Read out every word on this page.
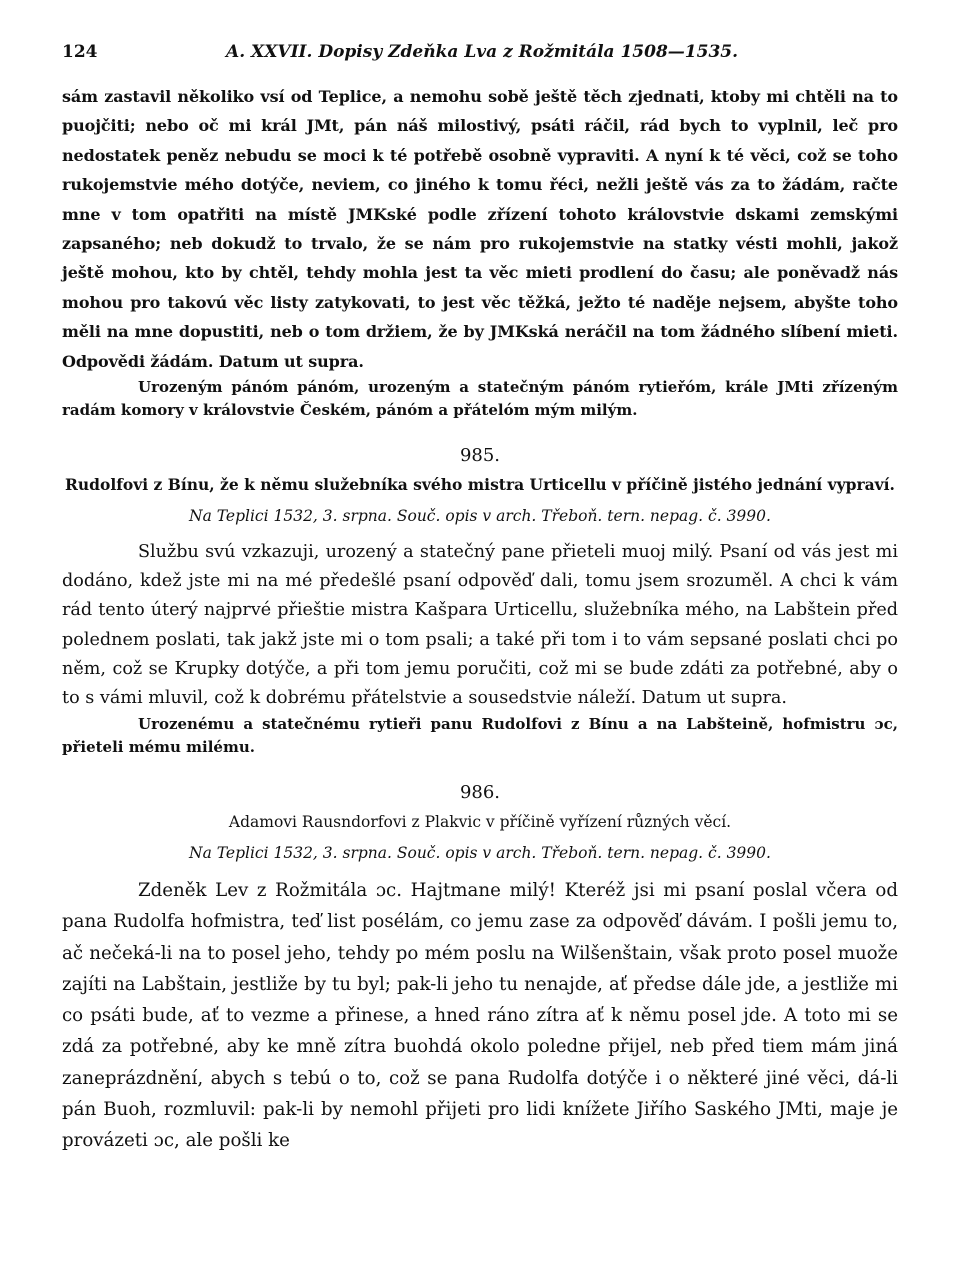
124	A. XXVII. Dopisy Zdeňka Lva z Rožmitála 1508—1535.

sám zastavil několiko vsí od Teplice, a nemohu sobě ještě těch zjednati, ktoby mi chtěli na to puojčiti; nebo oč mi král JMt, pán náš milostivý, psáti ráčil, rád bych to vyplnil, leč pro nedostatek peněz nebudu se moci k té potřebě osobně vypraviti. A nyní k té věci, což se toho rukojemstvie mého dotýče, neviem, co jiného k tomu řéci, nežli ještě vás za to žádám, račte mne v tom opatřiti na místě JMKské podle zřízení tohoto královstvie dskami zemskými zapsaného; neb dokudž to trvalo, že se nám pro rukojemstvie na statky vésti mohli, jakož ještě mohou, kto by chtěl, tehdy mohla jest ta věc mieti prodlení do času; ale poněvadž nás mohou pro takovú věc listy zatykovati, to jest věc těžká, ježto té naděje nejsem, abyšte toho měli na mne dopustiti, neb o tom držiem, že by JMKská neráčil na tom žádného slíbení mieti. Odpovědi žádám. Datum ut supra.

Urozeným pánóm pánóm, urozeným a statečným pánóm rytieřóm, krále JMti zřízeným radám komory v královstvie Českém, pánóm a přátelóm mým milým.

985.
Rudolfovi z Bínu, že k němu služebníka svého mistra Urticellu v příčině jistého jednání vypraví.
Na Teplici 1532, 3. srpna. Souč. opis v arch. Třeboň. tern. nepag. č. 3990.

Službu svú vzkazuji, urozený a statečný pane přieteli muoj milý. Psaní od vás jest mi dodáno, kdež jste mi na mé předešlé psaní odpověď dali, tomu jsem srozuměl. A chci k vám rád tento úterý najprvé přieštie mistra Kašpara Urticellu, služebníka mého, na Labštein před polednem poslati, tak jakž jste mi o tom psali; a také při tom i to vám sepsané poslati chci po něm, což se Krupky dotýče, a při tom jemu poručiti, což mi se bude zdáti za potřebné, aby o to s vámi mluvil, což k dobrému přátelstvie a sousedstvie náleží. Datum ut supra.

Urozenému a statečnému rytieři panu Rudolfovi z Bínu a na Labšteině, hofmistru ɔc, přieteli mému milému.

986.
Adamovi Rausndorfovi z Plakvic v příčině vyřízení různých věcí.
Na Teplici 1532, 3. srpna. Souč. opis v arch. Třeboň. tern. nepag. č. 3990.

Zdeněk Lev z Rožmitála ɔc. Hajtmane milý! Kteréž jsi mi psaní poslal včera od pana Rudolfa hofmistra, teď list posélám, co jemu zase za odpověď dávám. I pošli jemu to, ač nečeká-li na to posel jeho, tehdy po mém poslu na Wilšenštain, však proto posel muože zajíti na Labštain, jestliže by tu byl; pak-li jeho tu nenajde, ať předse dále jde, a jestliže mi co psáti bude, ať to vezme a přinese, a hned ráno zítra ať k němu posel jde. A toto mi se zdá za potřebné, aby ke mně zítra buohdá okolo poledne přijel, neb před tiem mám jiná zaneprázdnění, abych s tebú o to, což se pana Rudolfa dotýče i o některé jiné věci, dá-li pán Buoh, rozmluvil: pak-li by nemohl přijeti pro lidi knížete Jiřího Saského JMti, maje je provázeti ɔc, ale pošli ke
